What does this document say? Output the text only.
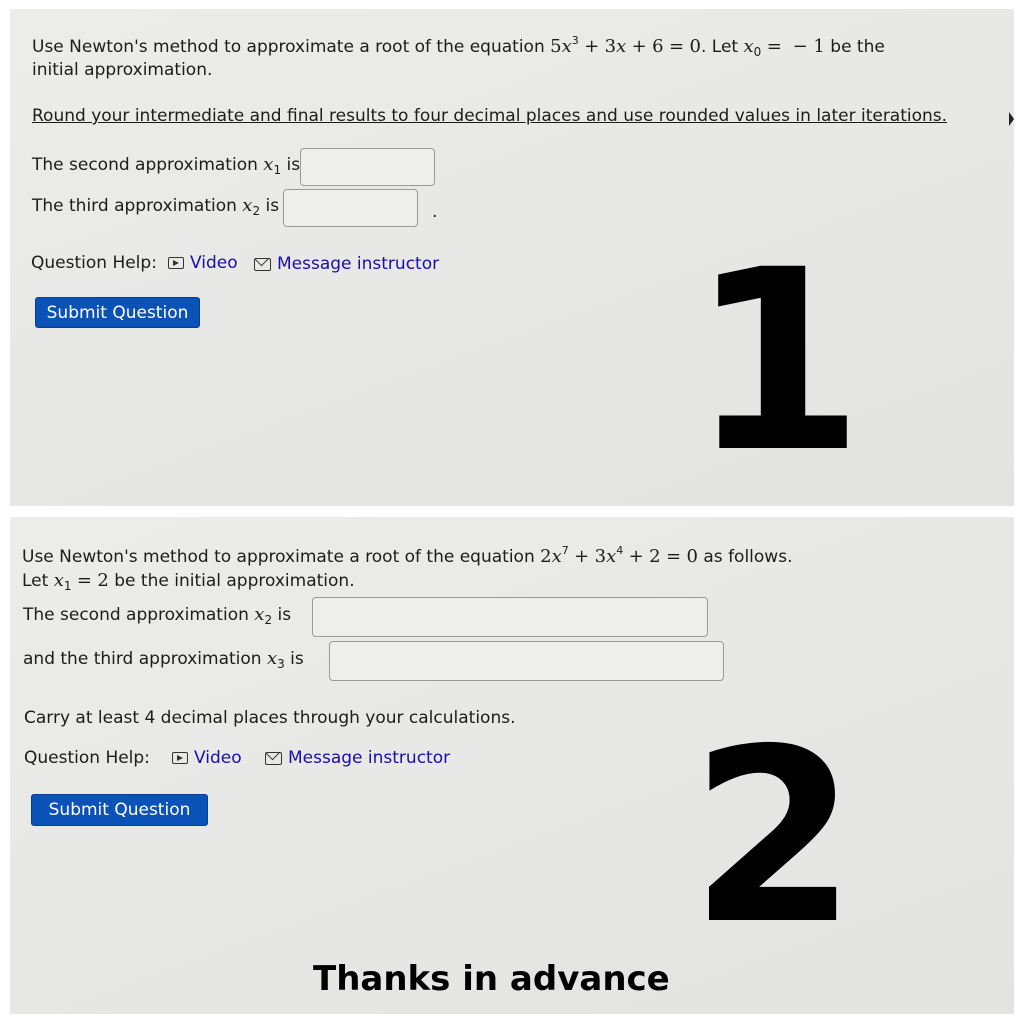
Use Newton's method to approximate a root of the equation $5x^3 + 3x + 6 = 0$. Let $x_0$ = − 1 be the
initial approximation.
Round your intermediate and final results to four decimal places and use rounded values in later iterations.
The second approximation $x_1$ is
The third approximation $x_2$ is	.
Question Help: Video Message instructor
Submit Question 1
Use Newton's method to approximate a root of the equation $2x^7 + 3x^4 + 2 = 0$ as follows.
Let $x_1 = 2$ be the initial approximation.
The second approximation $x_2$ is
and the third approximation $x_3$ is
Carry at least 4 decimal places through your calculations.
Question Help:	Video	Message instructor
Submit Question 2
Thanks in advance
